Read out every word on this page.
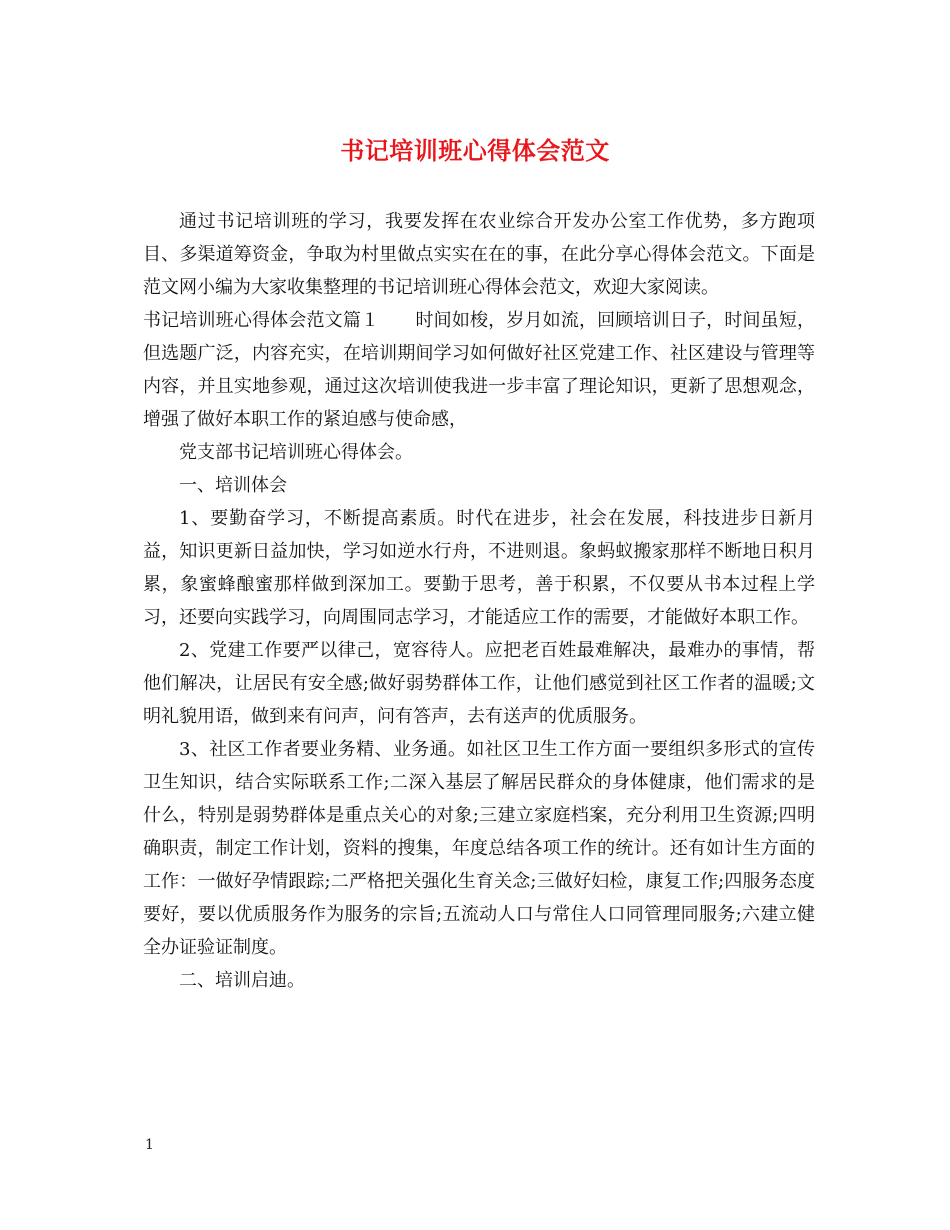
书记培训班心得体会范文

通过书记培训班的学习，我要发挥在农业综合开发办公室工作优势，多方跑项目、多渠道筹资金，争取为村里做点实实在在的事，在此分享心得体会范文。下面是范文网小编为大家收集整理的书记培训班心得体会范文，欢迎大家阅读。

书记培训班心得体会范文篇１　　时间如梭，岁月如流，回顾培训日子，时间虽短，但选题广泛，内容充实，在培训期间学习如何做好社区党建工作、社区建设与管理等内容，并且实地参观，通过这次培训使我进一步丰富了理论知识，更新了思想观念，增强了做好本职工作的紧迫感与使命感，

党支部书记培训班心得体会。

一、培训体会

1、要勤奋学习，不断提高素质。时代在进步，社会在发展，科技进步日新月益，知识更新日益加快，学习如逆水行舟，不进则退。象蚂蚁搬家那样不断地日积月累，象蜜蜂酿蜜那样做到深加工。要勤于思考，善于积累，不仅要从书本过程上学习，还要向实践学习，向周围同志学习，才能适应工作的需要，才能做好本职工作。

2、党建工作要严以律己，宽容待人。应把老百姓最难解决，最难办的事情，帮他们解决，让居民有安全感;做好弱势群体工作，让他们感觉到社区工作者的温暖;文明礼貌用语，做到来有问声，问有答声，去有送声的优质服务。

3、社区工作者要业务精、业务通。如社区卫生工作方面一要组织多形式的宣传卫生知识，结合实际联系工作;二深入基层了解居民群众的身体健康，他们需求的是什么，特别是弱势群体是重点关心的对象;三建立家庭档案，充分利用卫生资源;四明确职责，制定工作计划，资料的搜集，年度总结各项工作的统计。还有如计生方面的工作：一做好孕情跟踪;二严格把关强化生育关念;三做好妇检，康复工作;四服务态度要好，要以优质服务作为服务的宗旨;五流动人口与常住人口同管理同服务;六建立健全办证验证制度。

二、培训启迪。

1
